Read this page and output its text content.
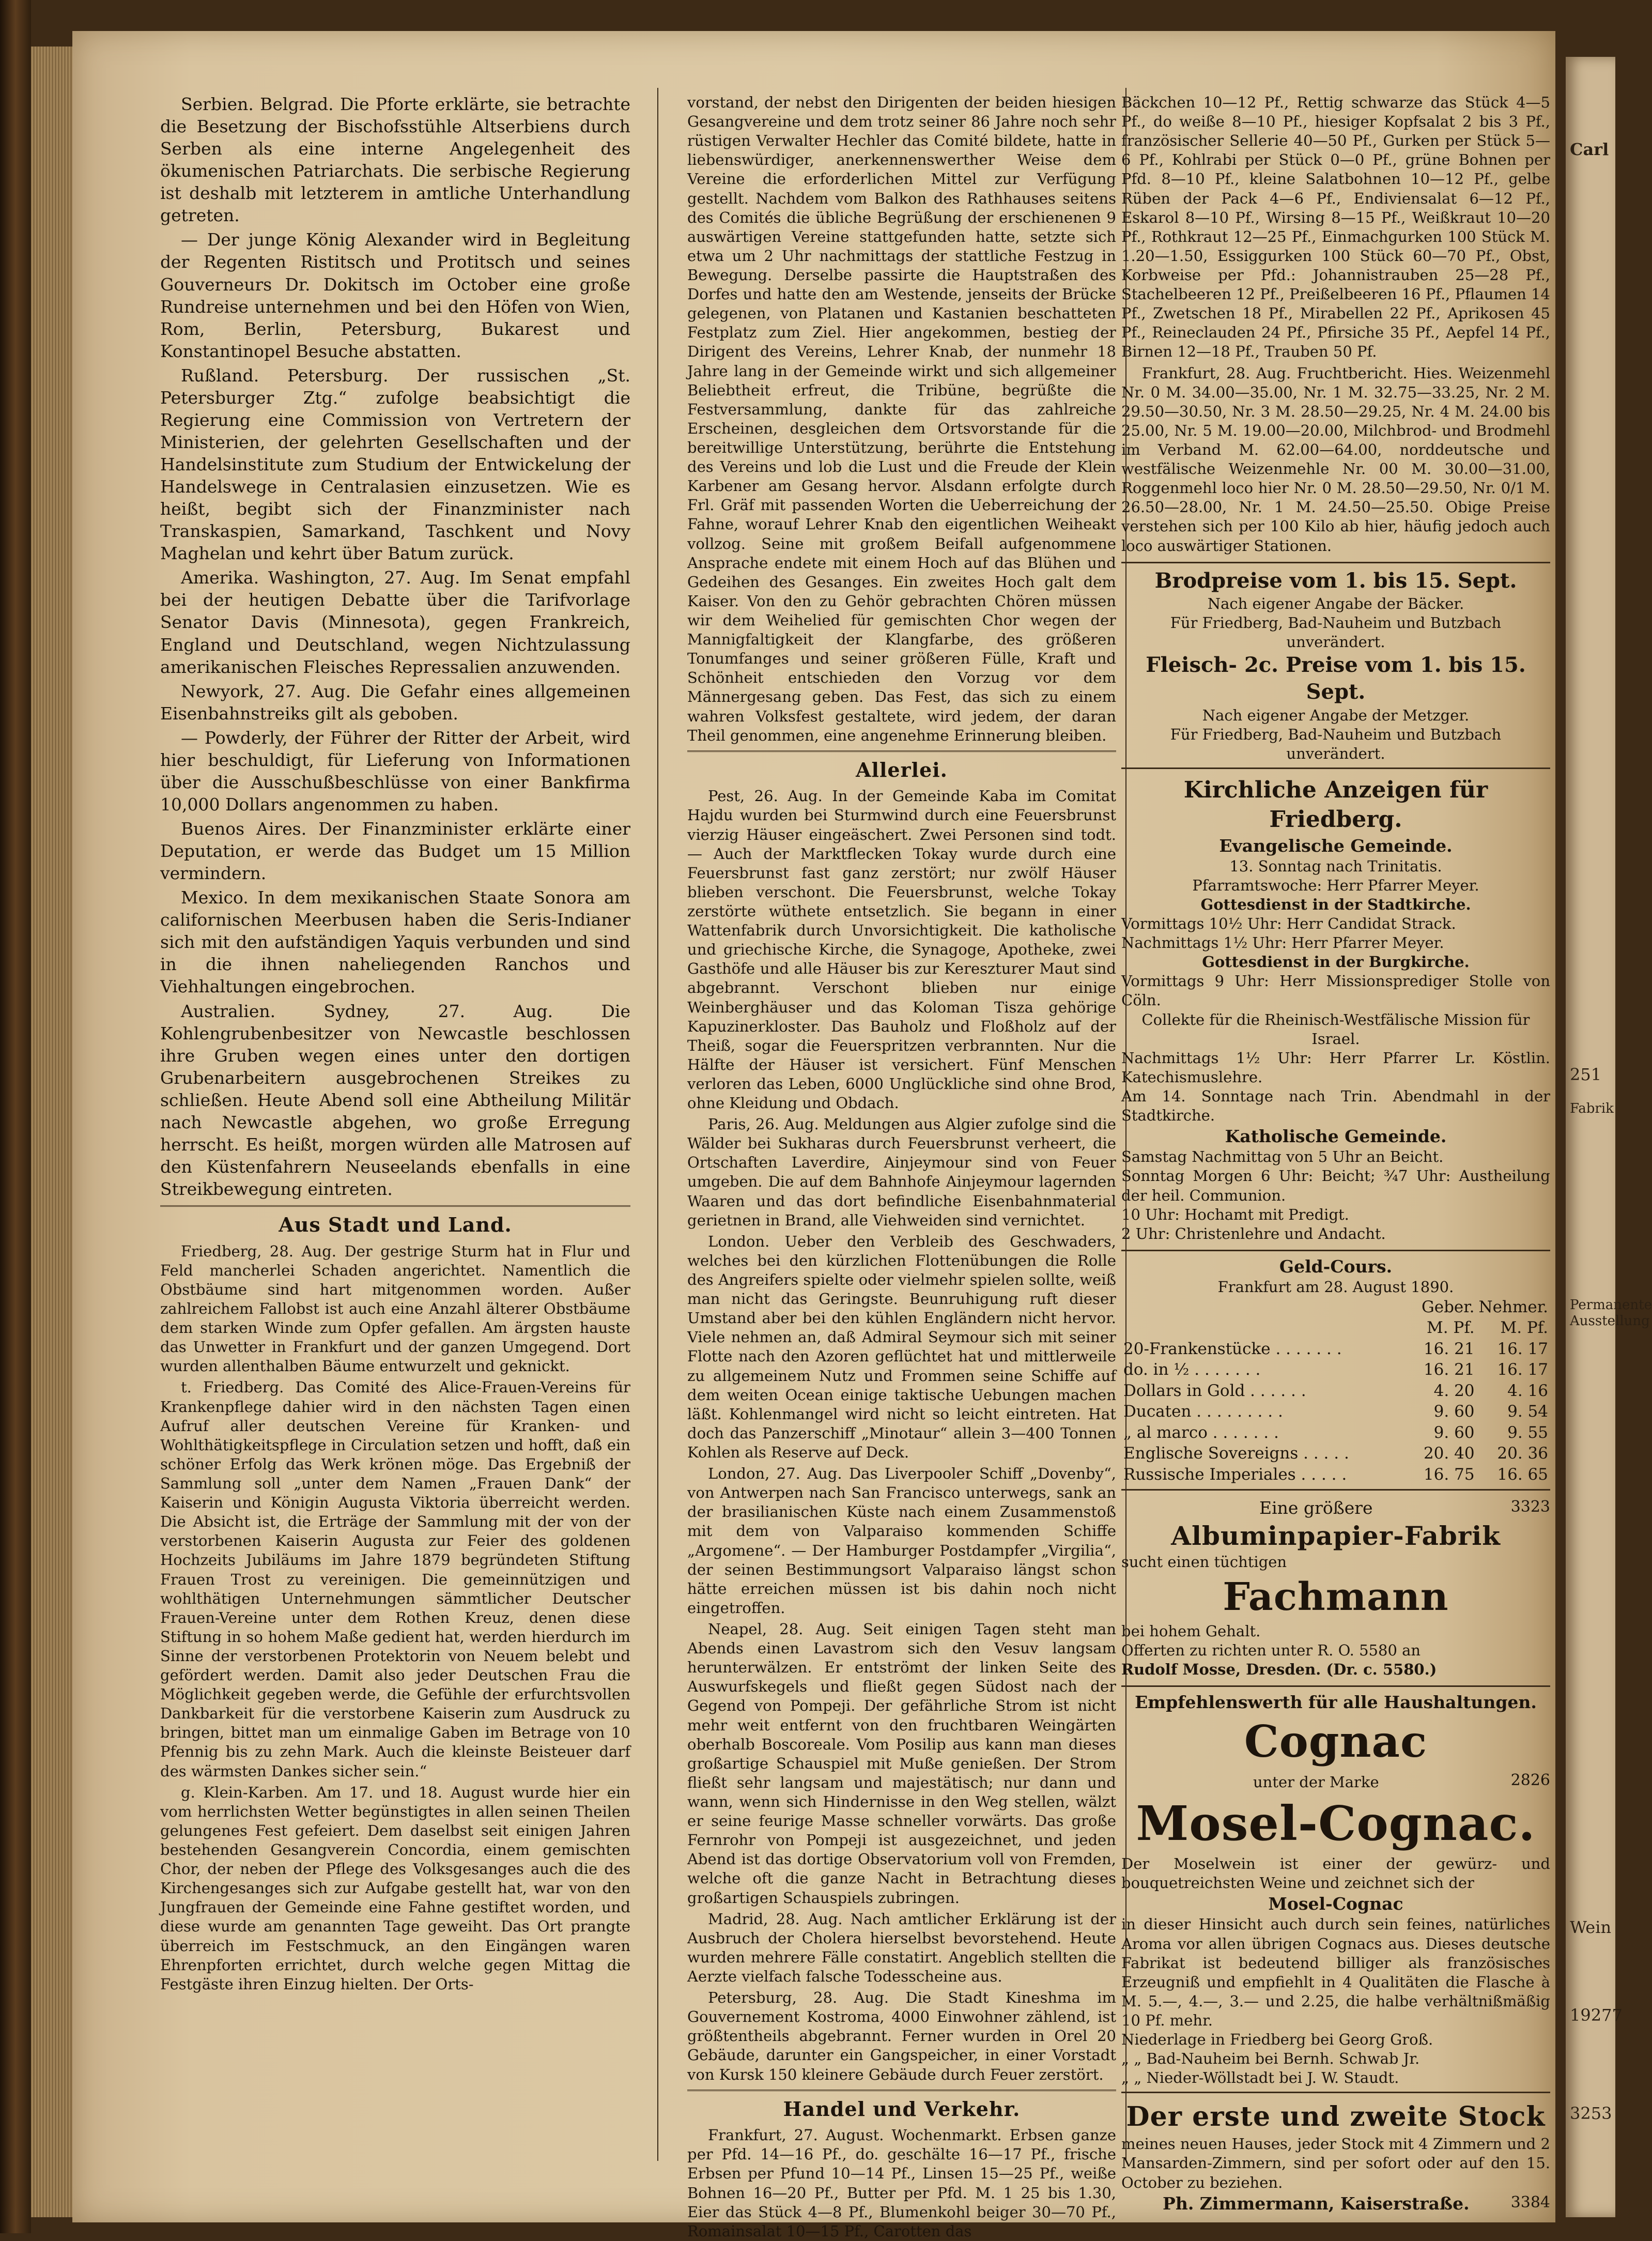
Serbien. Belgrad. Die Pforte erklärte, sie betrachte die Besetzung der Bischofsstühle Altserbiens durch Serben als eine interne Angelegenheit des ökumenischen Patriarchats. Die serbische Regierung ist deshalb mit letzterem in amtliche Unterhandlung getreten.

— Der junge König Alexander wird in Begleitung der Regenten Ristitsch und Protitsch und seines Gouverneurs Dr. Dokitsch im October eine große Rundreise unternehmen und bei den Höfen von Wien, Rom, Berlin, Petersburg, Bukarest und Konstantinopel Besuche abstatten.

Rußland. Petersburg. Der russischen „St. Petersburger Ztg.“ zufolge beabsichtigt die Regierung eine Commission von Vertretern der Ministerien, der gelehrten Gesellschaften und der Handelsinstitute zum Studium der Entwickelung der Handelswege in Centralasien einzusetzen. Wie es heißt, begibt sich der Finanzminister nach Transkaspien, Samarkand, Taschkent und Novy Maghelan und kehrt über Batum zurück.

Amerika. Washington, 27. Aug. Im Senat empfahl bei der heutigen Debatte über die Tarifvorlage Senator Davis (Minnesota), gegen Frankreich, England und Deutschland, wegen Nichtzulassung amerikanischen Fleisches Repressalien anzuwenden.

Newyork, 27. Aug. Die Gefahr eines allgemeinen Eisenbahnstreiks gilt als geboben.

— Powderly, der Führer der Ritter der Arbeit, wird hier beschuldigt, für Lieferung von Informationen über die Ausschußbeschlüsse von einer Bankfirma 10,000 Dollars angenommen zu haben.

Buenos Aires. Der Finanzminister erklärte einer Deputation, er werde das Budget um 15 Million vermindern.

Mexico. In dem mexikanischen Staate Sonora am californischen Meerbusen haben die Seris-Indianer sich mit den aufständigen Yaquis verbunden und sind in die ihnen naheliegenden Ranchos und Viehhaltungen eingebrochen.

Australien. Sydney, 27. Aug. Die Kohlengrubenbesitzer von Newcastle beschlossen ihre Gruben wegen eines unter den dortigen Grubenarbeitern ausgebrochenen Streikes zu schließen. Heute Abend soll eine Abtheilung Militär nach Newcastle abgehen, wo große Erregung herrscht. Es heißt, morgen würden alle Matrosen auf den Küstenfahrern Neuseelands ebenfalls in eine Streikbewegung eintreten.

Aus Stadt und Land.

Friedberg, 28. Aug. Der gestrige Sturm hat in Flur und Feld mancherlei Schaden angerichtet. Namentlich die Obstbäume sind hart mitgenommen worden. Außer zahlreichem Fallobst ist auch eine Anzahl älterer Obstbäume dem starken Winde zum Opfer gefallen. Am ärgsten hauste das Unwetter in Frankfurt und der ganzen Umgegend. Dort wurden allenthalben Bäume entwurzelt und geknickt.

t. Friedberg. Das Comité des Alice-Frauen-Vereins für Krankenpflege dahier wird in den nächsten Tagen einen Aufruf aller deutschen Vereine für Kranken- und Wohlthätigkeitspflege in Circulation setzen und hofft, daß ein schöner Erfolg das Werk krönen möge. Das Ergebniß der Sammlung soll „unter dem Namen „Frauen Dank“ der Kaiserin und Königin Augusta Viktoria überreicht werden. Die Absicht ist, die Erträge der Sammlung mit der von der verstorbenen Kaiserin Augusta zur Feier des goldenen Hochzeits Jubiläums im Jahre 1879 begründeten Stiftung Frauen Trost zu vereinigen. Die gemeinnützigen und wohlthätigen Unternehmungen sämmtlicher Deutscher Frauen-Vereine unter dem Rothen Kreuz, denen diese Stiftung in so hohem Maße gedient hat, werden hierdurch im Sinne der verstorbenen Protektorin von Neuem belebt und gefördert werden. Damit also jeder Deutschen Frau die Möglichkeit gegeben werde, die Gefühle der erfurchtsvollen Dankbarkeit für die verstorbene Kaiserin zum Ausdruck zu bringen, bittet man um einmalige Gaben im Betrage von 10 Pfennig bis zu zehn Mark. Auch die kleinste Beisteuer darf des wärmsten Dankes sicher sein.“

g. Klein-Karben. Am 17. und 18. August wurde hier ein vom herrlichsten Wetter begünstigtes in allen seinen Theilen gelungenes Fest gefeiert. Dem daselbst seit einigen Jahren bestehenden Gesangverein Concordia, einem gemischten Chor, der neben der Pflege des Volksgesanges auch die des Kirchengesanges sich zur Aufgabe gestellt hat, war von den Jungfrauen der Gemeinde eine Fahne gestiftet worden, und diese wurde am genannten Tage geweiht. Das Ort prangte überreich im Festschmuck, an den Eingängen waren Ehrenpforten errichtet, durch welche gegen Mittag die Festgäste ihren Einzug hielten. Der Orts-

vorstand, der nebst den Dirigenten der beiden hiesigen Gesangvereine und dem trotz seiner 86 Jahre noch sehr rüstigen Verwalter Hechler das Comité bildete, hatte in liebenswürdiger, anerkennenswerther Weise dem Vereine die erforderlichen Mittel zur Verfügung gestellt. Nachdem vom Balkon des Rathhauses seitens des Comités die übliche Begrüßung der erschienenen 9 auswärtigen Vereine stattgefunden hatte, setzte sich etwa um 2 Uhr nachmittags der stattliche Festzug in Bewegung. Derselbe passirte die Hauptstraßen des Dorfes und hatte den am Westende, jenseits der Brücke gelegenen, von Platanen und Kastanien beschatteten Festplatz zum Ziel. Hier angekommen, bestieg der Dirigent des Vereins, Lehrer Knab, der nunmehr 18 Jahre lang in der Gemeinde wirkt und sich allgemeiner Beliebtheit erfreut, die Tribüne, begrüßte die Festversammlung, dankte für das zahlreiche Erscheinen, desgleichen dem Ortsvorstande für die bereitwillige Unterstützung, berührte die Entstehung des Vereins und lob die Lust und die Freude der Klein Karbener am Gesang hervor. Alsdann erfolgte durch Frl. Gräf mit passenden Worten die Ueberreichung der Fahne, worauf Lehrer Knab den eigentlichen Weiheakt vollzog. Seine mit großem Beifall aufgenommene Ansprache endete mit einem Hoch auf das Blühen und Gedeihen des Gesanges. Ein zweites Hoch galt dem Kaiser. Von den zu Gehör gebrachten Chören müssen wir dem Weihelied für gemischten Chor wegen der Mannigfaltigkeit der Klangfarbe, des größeren Tonumfanges und seiner größeren Fülle, Kraft und Schönheit entschieden den Vorzug vor dem Männergesang geben. Das Fest, das sich zu einem wahren Volksfest gestaltete, wird jedem, der daran Theil genommen, eine angenehme Erinnerung bleiben.

Allerlei.

Pest, 26. Aug. In der Gemeinde Kaba im Comitat Hajdu wurden bei Sturmwind durch eine Feuersbrunst vierzig Häuser eingeäschert. Zwei Personen sind todt. — Auch der Marktflecken Tokay wurde durch eine Feuersbrunst fast ganz zerstört; nur zwölf Häuser blieben verschont. Die Feuersbrunst, welche Tokay zerstörte wüthete entsetzlich. Sie begann in einer Wattenfabrik durch Unvorsichtigkeit. Die katholische und griechische Kirche, die Synagoge, Apotheke, zwei Gasthöfe und alle Häuser bis zur Kereszturer Maut sind abgebrannt. Verschont blieben nur einige Weinberghäuser und das Koloman Tisza gehörige Kapuzinerkloster. Das Bauholz und Floßholz auf der Theiß, sogar die Feuerspritzen verbrannten. Nur die Hälfte der Häuser ist versichert. Fünf Menschen verloren das Leben, 6000 Unglückliche sind ohne Brod, ohne Kleidung und Obdach.

Paris, 26. Aug. Meldungen aus Algier zufolge sind die Wälder bei Sukharas durch Feuersbrunst verheert, die Ortschaften Laverdire, Ainjeymour sind von Feuer umgeben. Die auf dem Bahnhofe Ainjeymour lagernden Waaren und das dort befindliche Eisenbahnmaterial gerietnen in Brand, alle Viehweiden sind vernichtet.

London. Ueber den Verbleib des Geschwaders, welches bei den kürzlichen Flottenübungen die Rolle des Angreifers spielte oder vielmehr spielen sollte, weiß man nicht das Geringste. Beunruhigung ruft dieser Umstand aber bei den kühlen Engländern nicht hervor. Viele nehmen an, daß Admiral Seymour sich mit seiner Flotte nach den Azoren geflüchtet hat und mittlerweile zu allgemeinem Nutz und Frommen seine Schiffe auf dem weiten Ocean einige taktische Uebungen machen läßt. Kohlenmangel wird nicht so leicht eintreten. Hat doch das Panzerschiff „Minotaur“ allein 3—400 Tonnen Kohlen als Reserve auf Deck.

London, 27. Aug. Das Liverpooler Schiff „Dovenby“, von Antwerpen nach San Francisco unterwegs, sank an der brasilianischen Küste nach einem Zusammenstoß mit dem von Valparaiso kommenden Schiffe „Argomene“. — Der Hamburger Postdampfer „Virgilia“, der seinen Bestimmungsort Valparaiso längst schon hätte erreichen müssen ist bis dahin noch nicht eingetroffen.

Neapel, 28. Aug. Seit einigen Tagen steht man Abends einen Lavastrom sich den Vesuv langsam herunterwälzen. Er entströmt der linken Seite des Auswurfskegels und fließt gegen Südost nach der Gegend von Pompeji. Der gefährliche Strom ist nicht mehr weit entfernt von den fruchtbaren Weingärten oberhalb Boscoreale. Vom Posilip aus kann man dieses großartige Schauspiel mit Muße genießen. Der Strom fließt sehr langsam und majestätisch; nur dann und wann, wenn sich Hindernisse in den Weg stellen, wälzt er seine feurige Masse schneller vorwärts. Das große Fernrohr von Pompeji ist ausgezeichnet, und jeden Abend ist das dortige Observatorium voll von Fremden, welche oft die ganze Nacht in Betrachtung dieses großartigen Schauspiels zubringen.

Madrid, 28. Aug. Nach amtlicher Erklärung ist der Ausbruch der Cholera hierselbst bevorstehend. Heute wurden mehrere Fälle constatirt. Angeblich stellten die Aerzte vielfach falsche Todesscheine aus.

Petersburg, 28. Aug. Die Stadt Kineshma im Gouvernement Kostroma, 4000 Einwohner zählend, ist größtentheils abgebrannt. Ferner wurden in Orel 20 Gebäude, darunter ein Gangspeicher, in einer Vorstadt von Kursk 150 kleinere Gebäude durch Feuer zerstört.

Handel und Verkehr.

Frankfurt, 27. August. Wochenmarkt. Erbsen ganze per Pfd. 14—16 Pf., do. geschälte 16—17 Pf., frische Erbsen per Pfund 10—14 Pf., Linsen 15—25 Pf., weiße Bohnen 16—20 Pf., Butter per Pfd. M. 1 25 bis 1.30, Eier das Stück 4—8 Pf., Blumenkohl beiger 30—70 Pf., Romainsalat 10—15 Pf., Carotten das

Bäckchen 10—12 Pf., Rettig schwarze das Stück 4—5 Pf., do weiße 8—10 Pf., hiesiger Kopfsalat 2 bis 3 Pf., französischer Sellerie 40—50 Pf., Gurken per Stück 5—6 Pf., Kohlrabi per Stück 0—0 Pf., grüne Bohnen per Pfd. 8—10 Pf., kleine Salatbohnen 10—12 Pf., gelbe Rüben der Pack 4—6 Pf., Endiviensalat 6—12 Pf., Eskarol 8—10 Pf., Wirsing 8—15 Pf., Weißkraut 10—20 Pf., Rothkraut 12—25 Pf., Einmachgurken 100 Stück M. 1.20—1.50, Essiggurken 100 Stück 60—70 Pf., Obst, Korbweise per Pfd.: Johannistrauben 25—28 Pf., Stachelbeeren 12 Pf., Preißelbeeren 16 Pf., Pflaumen 14 Pf., Zwetschen 18 Pf., Mirabellen 22 Pf., Aprikosen 45 Pf., Reineclauden 24 Pf., Pfirsiche 35 Pf., Aepfel 14 Pf., Birnen 12—18 Pf., Trauben 50 Pf.

Frankfurt, 28. Aug. Fruchtbericht. Hies. Weizenmehl Nr. 0 M. 34.00—35.00, Nr. 1 M. 32.75—33.25, Nr. 2 M. 29.50—30.50, Nr. 3 M. 28.50—29.25, Nr. 4 M. 24.00 bis 25.00, Nr. 5 M. 19.00—20.00, Milchbrod- und Brodmehl im Verband M. 62.00—64.00, norddeutsche und westfälische Weizenmehle Nr. 00 M. 30.00—31.00, Roggenmehl loco hier Nr. 0 M. 28.50—29.50, Nr. 0/1 M. 26.50—28.00, Nr. 1 M. 24.50—25.50. Obige Preise verstehen sich per 100 Kilo ab hier, häufig jedoch auch loco auswärtiger Stationen.

Brodpreise vom 1. bis 15. Sept.
Nach eigener Angabe der Bäcker.
Für Friedberg, Bad-Nauheim und Butzbach unverändert.
Fleisch- 2c. Preise vom 1. bis 15. Sept.
Nach eigener Angabe der Metzger.
Für Friedberg, Bad-Nauheim und Butzbach unverändert.
Kirchliche Anzeigen für Friedberg.
Evangelische Gemeinde.
13. Sonntag nach Trinitatis.
Pfarramtswoche: Herr Pfarrer Meyer.
Gottesdienst in der Stadtkirche.
Vormittags 10½ Uhr: Herr Candidat Strack.
Nachmittags 1½ Uhr: Herr Pfarrer Meyer.
Gottesdienst in der Burgkirche.
Vormittags 9 Uhr: Herr Missionsprediger Stolle von Cöln.
Collekte für die Rheinisch-Westfälische Mission für Israel.
Nachmittags 1½ Uhr: Herr Pfarrer Lr. Köstlin. Katechismuslehre.
Am 14. Sonntage nach Trin. Abendmahl in der Stadtkirche.
Katholische Gemeinde.
Samstag Nachmittag von 5 Uhr an Beicht.
Sonntag Morgen 6 Uhr: Beicht; ¾7 Uhr: Austheilung der heil. Communion.
10 Uhr: Hochamt mit Predigt.
2 Uhr: Christenlehre und Andacht.
Geld-Cours.
Frankfurt am 28. August 1890.
	Geber.	Nehmer.
	M. Pf.	M. Pf.
20-Frankenstücke . . . . . . .	16. 21	16. 17
do. in ½ . . . . . . .	16. 21	16. 17
Dollars in Gold . . . . . .	4. 20	4. 16
Ducaten . . . . . . . . .	9. 60	9. 54
„ al marco . . . . . . .	9. 60	9. 55
Englische Sovereigns . . . . .	20. 40	20. 36
Russische Imperiales . . . . .	16. 75	16. 65
Eine größere	3323
Albuminpapier-Fabrik
sucht einen tüchtigen
Fachmann
bei hohem Gehalt.
Offerten zu richten unter R. O. 5580 an
Rudolf Mosse, Dresden. (Dr. c. 5580.)
Empfehlenswerth für alle Haushaltungen.
Cognac
unter der Marke	2826
Mosel-Cognac.
Der Moselwein ist einer der gewürz- und bouquetreichsten Weine und zeichnet sich der
Mosel-Cognac
in dieser Hinsicht auch durch sein feines, natürliches Aroma vor allen übrigen Cognacs aus. Dieses deutsche Fabrikat ist bedeutend billiger als französisches Erzeugniß und empfiehlt in 4 Qualitäten die Flasche à M. 5.—, 4.—, 3.— und 2.25, die halbe verhältnißmäßig 10 Pf. mehr.
Niederlage in Friedberg bei Georg Groß.
„ „ Bad-Nauheim bei Bernh. Schwab Jr.
„ „ Nieder-Wöllstadt bei J. W. Staudt.
Der erste und zweite Stock
meines neuen Hauses, jeder Stock mit 4 Zimmern und 2 Mansarden-Zimmern, sind per sofort oder auf den 15. October zu beziehen.
Ph. Zimmermann, Kaiserstraße.	3384
Carl
251
Fabrik
Permanente Ausstellung
Wein
19277
3253
